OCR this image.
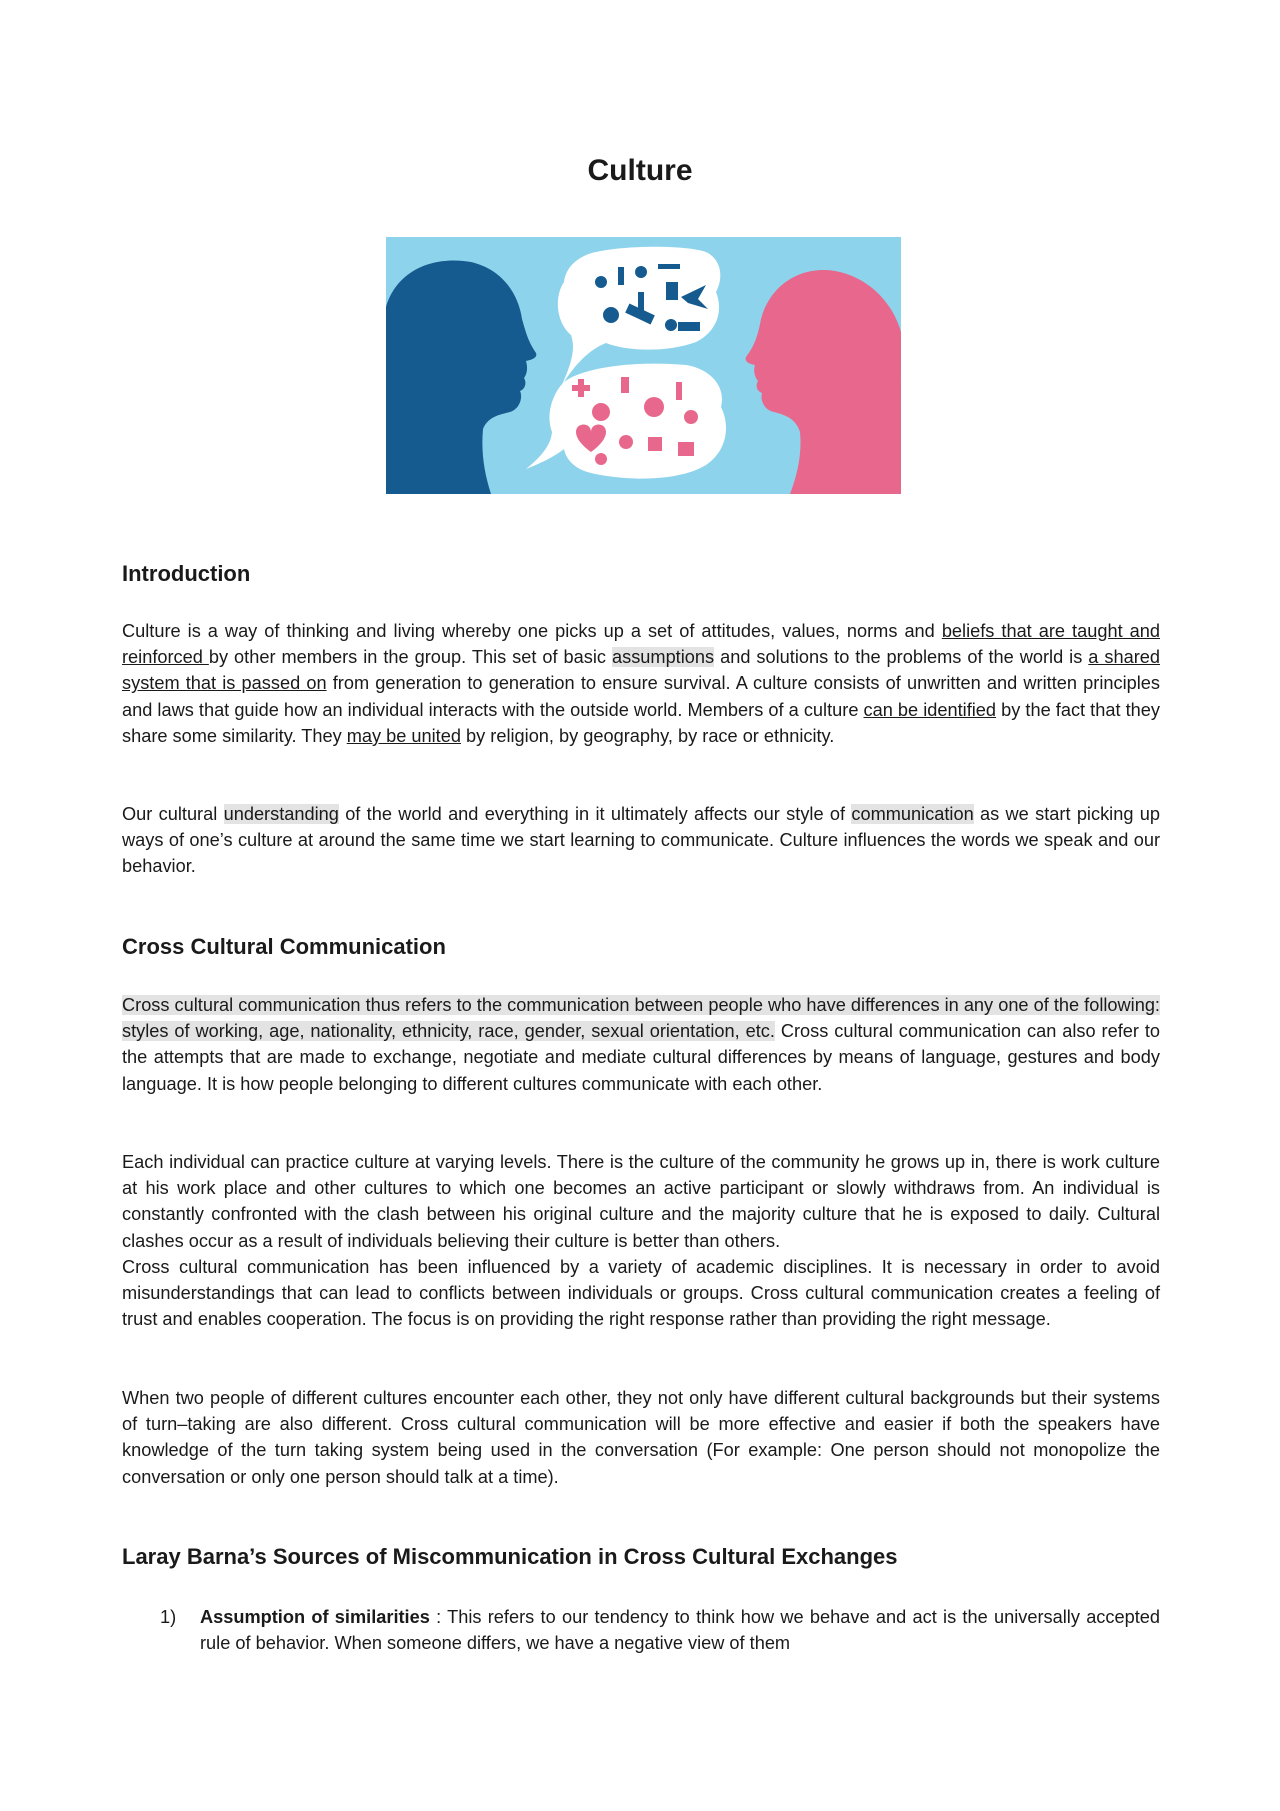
Culture
Introduction
Culture is a way of thinking and living whereby one picks up a set of attitudes, values, norms and beliefs that are taught and reinforced by other members in the group. This set of basic assumptions and solutions to the problems of the world is a shared system that is passed on from generation to generation to ensure survival. A culture consists of unwritten and written principles and laws that guide how an individual interacts with the outside world. Members of a culture can be identified by the fact that they share some similarity. They may be united by religion, by geography, by race or ethnicity.
Our cultural understanding of the world and everything in it ultimately affects our style of communication as we start picking up ways of one’s culture at around the same time we start learning to communicate. Culture influences the words we speak and our behavior.
Cross Cultural Communication
Cross cultural communication thus refers to the communication between people who have differences in any one of the following: styles of working, age, nationality, ethnicity, race, gender, sexual orientation, etc. Cross cultural communication can also refer to the attempts that are made to exchange, negotiate and mediate cultural differences by means of language, gestures and body language. It is how people belonging to different cultures communicate with each other.
Each individual can practice culture at varying levels. There is the culture of the community he grows up in, there is work culture at his work place and other cultures to which one becomes an active participant or slowly withdraws from. An individual is constantly confronted with the clash between his original culture and the majority culture that he is exposed to daily. Cultural clashes occur as a result of individuals believing their culture is better than others.
Cross cultural communication has been influenced by a variety of academic disciplines. It is necessary in order to avoid misunderstandings that can lead to conflicts between individuals or groups. Cross cultural communication creates a feeling of trust and enables cooperation. The focus is on providing the right response rather than providing the right message.
When two people of different cultures encounter each other, they not only have different cultural backgrounds but their systems of turn–taking are also different. Cross cultural communication will be more effective and easier if both the speakers have knowledge of the turn taking system being used in the conversation (For example: One person should not monopolize the conversation or only one person should talk at a time).
Laray Barna’s Sources of Miscommunication in Cross Cultural Exchanges
1) Assumption of similarities : This refers to our tendency to think how we behave and act is the universally accepted rule of behavior. When someone differs, we have a negative view of them
